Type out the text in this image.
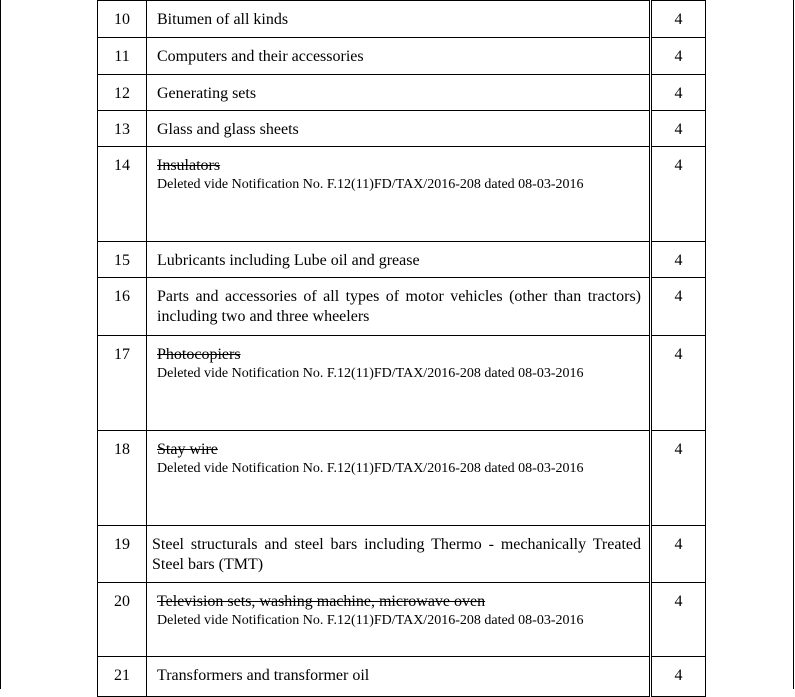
10	Bitumen of all kinds	4
11	Computers and their accessories	4
12	Generating sets	4
13	Glass and glass sheets	4
14	Insulators
Deleted vide Notification No. F.12(11)FD/TAX/2016-208 dated 08-03-2016	4
15	Lubricants including Lube oil and grease	4
16	Parts and accessories of all types of motor vehicles (other than tractors) including two and three wheelers	4
17	Photocopiers
Deleted vide Notification No. F.12(11)FD/TAX/2016-208 dated 08-03-2016	4
18	Stay wire
Deleted vide Notification No. F.12(11)FD/TAX/2016-208 dated 08-03-2016	4
19	Steel structurals and steel bars including Thermo - mechanically Treated Steel bars (TMT)	4
20	Television sets, washing machine, microwave oven
Deleted vide Notification No. F.12(11)FD/TAX/2016-208 dated 08-03-2016	4
21	Transformers and transformer oil	4
